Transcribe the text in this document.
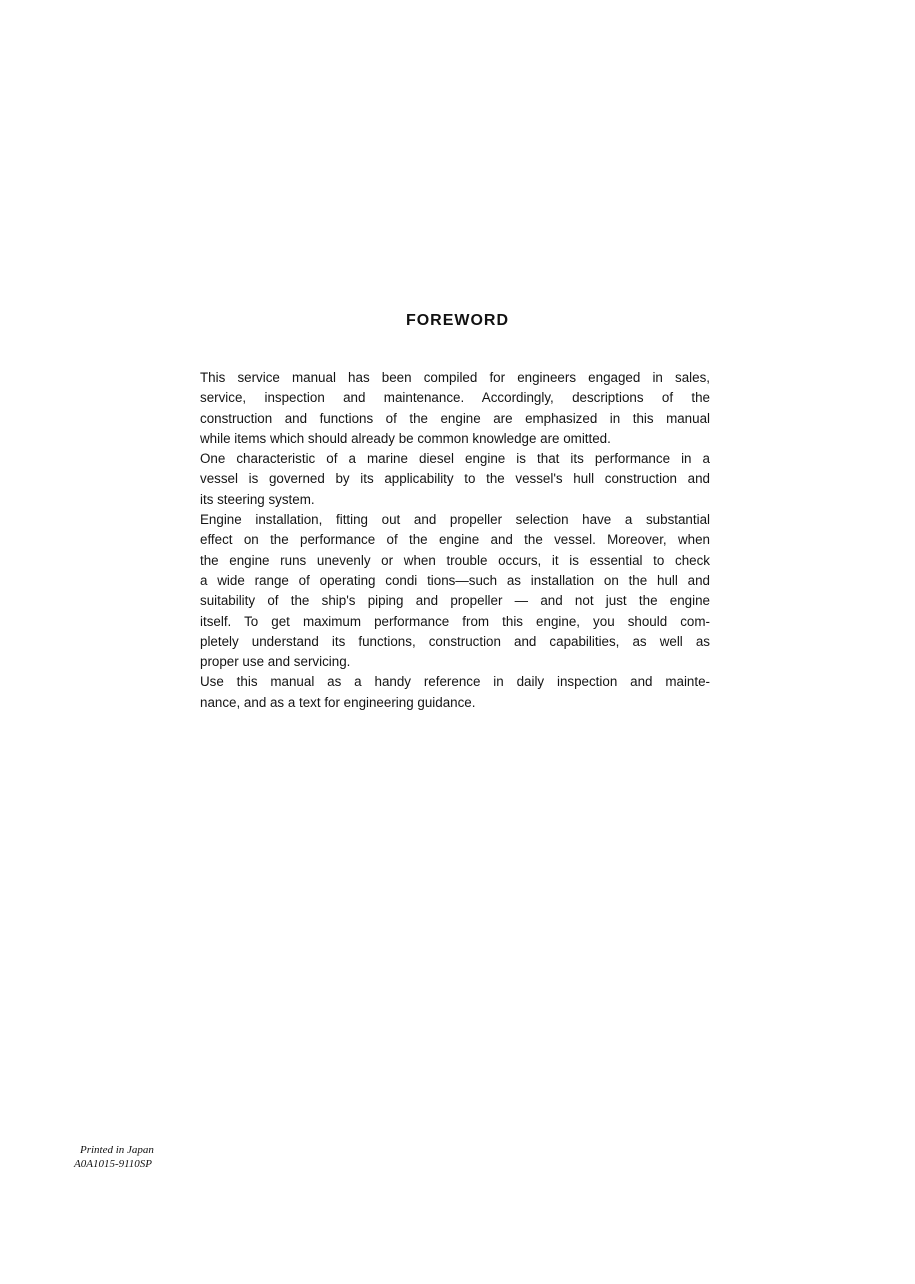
FOREWORD
This service manual has been compiled for engineers engaged in sales,
service, inspection and maintenance. Accordingly, descriptions of the
construction and functions of the engine are emphasized in this manual
while items which should already be common knowledge are omitted.
One characteristic of a marine diesel engine is that its performance in a
vessel is governed by its applicability to the vessel's hull construction and
its steering system.
Engine installation, fitting out and propeller selection have a substantial
effect on the performance of the engine and the vessel. Moreover, when
the engine runs unevenly or when trouble occurs, it is essential to check
a wide range of operating condi tions—such as installation on the hull and
suitability of the ship's piping and propeller — and not just the engine
itself. To get maximum performance from this engine, you should com-
pletely understand its functions, construction and capabilities, as well as
proper use and servicing.
Use this manual as a handy reference in daily inspection and mainte-
nance, and as a text for engineering guidance.
Printed in Japan
A0A1015-9110SP
